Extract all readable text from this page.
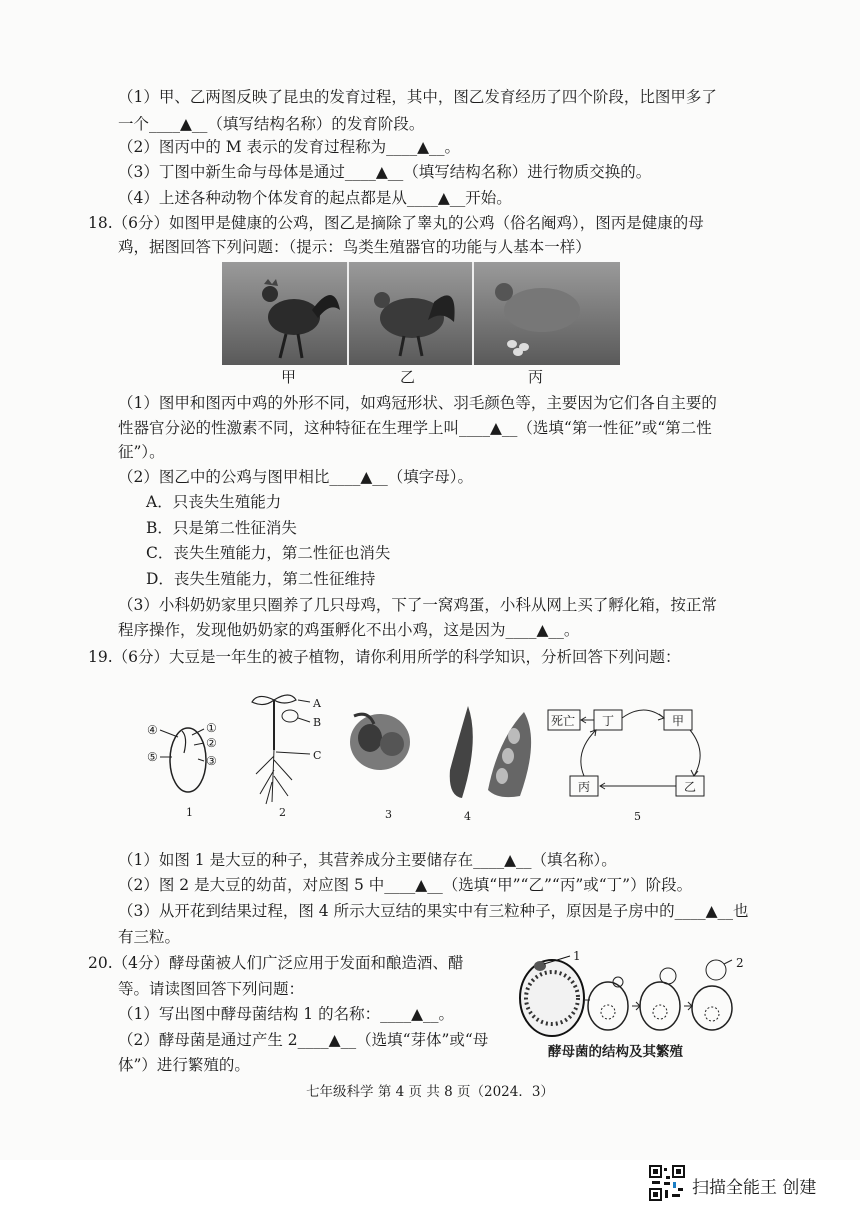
（1）甲、乙两图反映了昆虫的发育过程，其中，图乙发育经历了四个阶段，比图甲多了
一个____▲__（填写结构名称）的发育阶段。
（2）图丙中的 M 表示的发育过程称为____▲__。
（3）丁图中新生命与母体是通过____▲__（填写结构名称）进行物质交换的。
（4）上述各种动物个体发育的起点都是从____▲__开始。
18.（6分）如图甲是健康的公鸡，图乙是摘除了睾丸的公鸡（俗名阉鸡），图丙是健康的母
鸡，据图回答下列问题：（提示：鸟类生殖器官的功能与人基本一样）
甲	乙	丙
（1）图甲和图丙中鸡的外形不同，如鸡冠形状、羽毛颜色等，主要因为它们各自主要的
性器官分泌的性激素不同，这种特征在生理学上叫____▲__（选填“第一性征”或“第二性
征”）。
（2）图乙中的公鸡与图甲相比____▲__（填字母）。
A．只丧失生殖能力
B．只是第二性征消失
C．丧失生殖能力，第二性征也消失
D．丧失生殖能力，第二性征维持
（3）小科奶奶家里只圈养了几只母鸡，下了一窝鸡蛋，小科从网上买了孵化箱，按正常
程序操作，发现他奶奶家的鸡蛋孵化不出小鸡，这是因为____▲__。
19.（6分）大豆是一年生的被子植物，请你利用所学的科学知识，分析回答下列问题：
④	①
②
⑤	③
1
A
B
C
2	3	4
死亡 丁	甲
丙	乙
5
（1）如图 1 是大豆的种子，其营养成分主要储存在____▲__（填名称）。
（2）图 2 是大豆的幼苗，对应图 5 中____▲__（选填“甲”“乙”“丙”或“丁”）阶段。
（3）从开花到结果过程，图 4 所示大豆结的果实中有三粒种子，原因是子房中的____▲__也
有三粒。
20.（4分）酵母菌被人们广泛应用于发面和酿造酒、醋
等。请读图回答下列问题：
（1）写出图中酵母菌结构 1 的名称：____▲__。
（2）酵母菌是通过产生 2____▲__（选填“芽体”或“母
体”）进行繁殖的。
1	2
酵母菌的结构及其繁殖
七年级科学 第 4 页 共 8 页（2024．3）
扫描全能王 创建
